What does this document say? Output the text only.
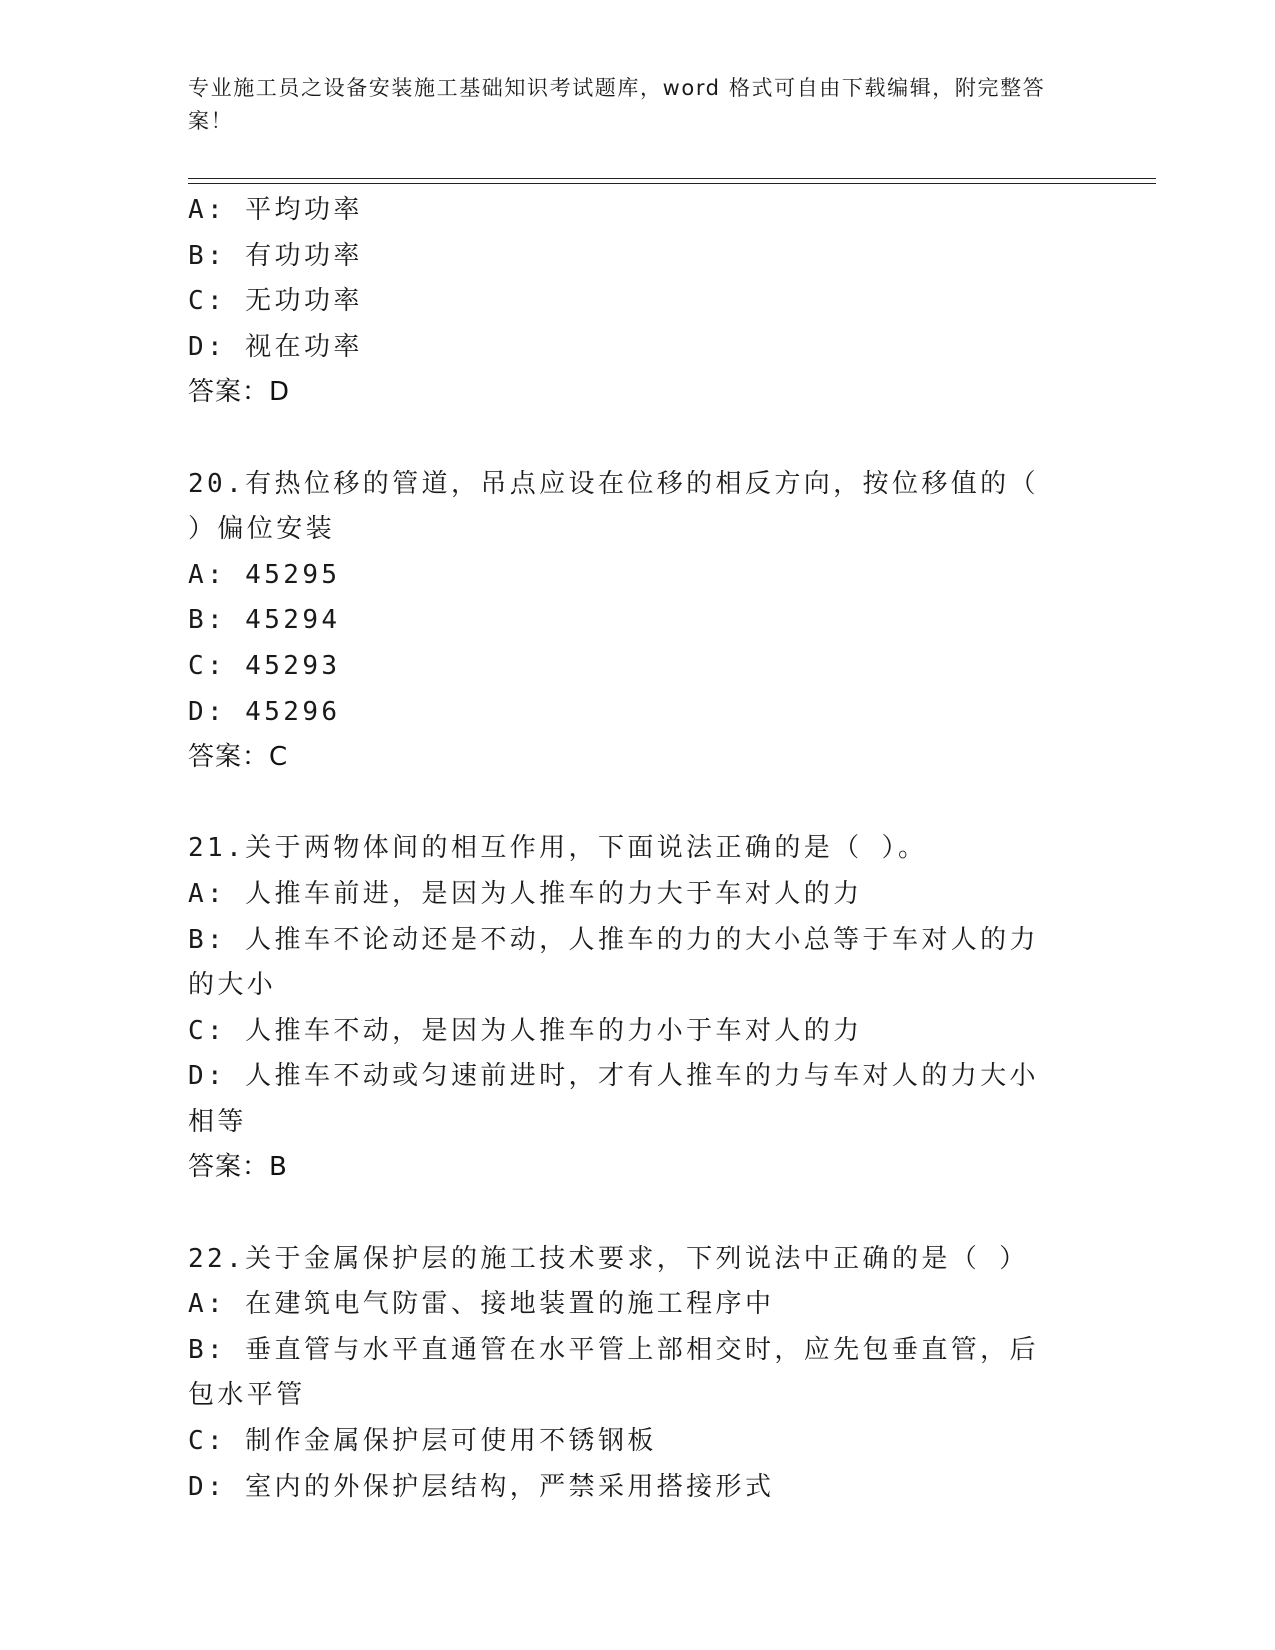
专业施工员之设备安装施工基础知识考试题库，word 格式可自由下载编辑，附完整答案！
A: 平均功率
B: 有功功率
C: 无功功率
D: 视在功率
答案：D
20.有热位移的管道，吊点应设在位移的相反方向，按位移值的（ ）偏位安装
A: 45295
B: 45294
C: 45293
D: 45296
答案：C
21.关于两物体间的相互作用，下面说法正确的是（ ）。
A: 人推车前进，是因为人推车的力大于车对人的力
B: 人推车不论动还是不动，人推车的力的大小总等于车对人的力的大小
C: 人推车不动，是因为人推车的力小于车对人的力
D: 人推车不动或匀速前进时，才有人推车的力与车对人的力大小相等
答案：B
22.关于金属保护层的施工技术要求，下列说法中正确的是（ ）
A: 在建筑电气防雷、接地装置的施工程序中
B: 垂直管与水平直通管在水平管上部相交时，应先包垂直管，后包水平管
C: 制作金属保护层可使用不锈钢板
D: 室内的外保护层结构，严禁采用搭接形式
